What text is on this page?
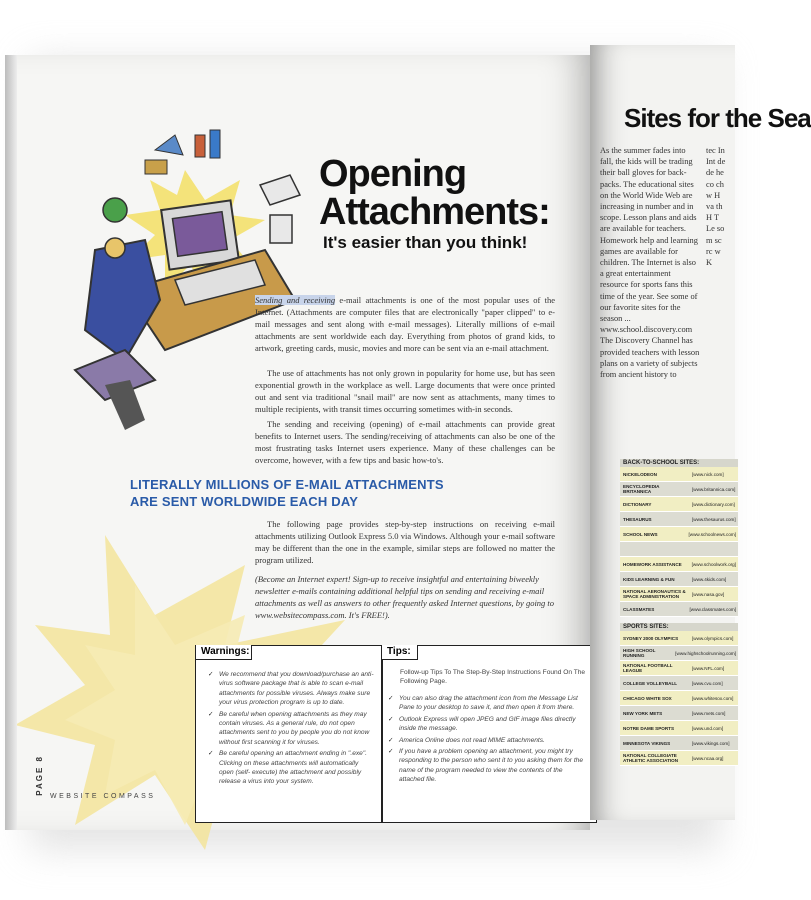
Opening
Attachments:
It's easier than you think!

Sending and receiving e-mail attachments is one of the most popular uses of the Internet. (Attachments are computer files that are electronically "paper clipped" to e-mail messages and sent along with e-mail messages). Literally millions of e-mail attachments are sent worldwide each day. Everything from photos of grand kids, to artwork, greeting cards, music, movies and more can be sent via an e-mail attachment.

The use of attachments has not only grown in popularity for home use, but has seen exponential growth in the workplace as well. Large documents that were once printed out and sent via traditional "snail mail" are now sent as attachments, many times to multiple recipients, with transit times occurring sometimes with-in seconds.

The sending and receiving (opening) of e-mail attachments can provide great benefits to Internet users. The sending/receiving of attachments can also be one of the most frustrating tasks Internet users experience. Many of these challenges can be overcome, however, with a few tips and basic how-to's.

LITERALLY MILLIONS OF E-MAIL ATTACHMENTS
ARE SENT WORLDWIDE EACH DAY

The following page provides step-by-step instructions on receiving e-mail attachments utilizing Outlook Express 5.0 via Windows. Although your e-mail software may be different than the one in the example, similar steps are followed no matter the program utilized.

(Become an Internet expert! Sign-up to receive insightful and entertaining biweekly newsletter e-mails containing additional helpful tips on sending and receiving e-mail attachments as well as answers to other frequently asked Internet questions, by going to www.websitecompass.com. It's FREE!).

Warnings:	Tips:
✓ We recommend that you download/purchase an anti-virus software package that is able to scan e-mail attachments for possible viruses. Always make sure your virus protection program is up to date.
✓ Be careful when opening attachments as they may contain viruses. As a general rule, do not open attachments sent to you by people you do not know without first scanning it for viruses.
✓ Be careful opening an attachment ending in ".exe". Clicking on these attachments will automatically open (self- execute) the attachment and possibly release a virus into your system.

Follow-up Tips To The Step-By-Step Instructions Found On The Following Page.

✓ You can also drag the attachment icon from the Message List Pane to your desktop to save it, and then open it from there.
✓ Outlook Express will open JPEG and GIF image files directly inside the message.
✓ America Online does not read MIME attachments.
✓ If you have a problem opening an attachment, you might try responding to the person who sent it to you asking them for the name of the program needed to view the contents of the attached file.
PAGE 8
WEBSITE COMPASS
Sites for the Sea

As the summer fades into fall, the kids will be trading their ball gloves for back-packs. The educational sites on the World Wide Web are increasing in number and in scope. Lesson plans and aids are available for teachers. Homework help and learning games are available for children. The Internet is also a great entertainment resource for sports fans this time of the year. See some of our favorite sites for the season ... www.school.discovery.com The Discovery Channel has provided teachers with lesson plans on a variety of subjects from ancient history to

tec In Int de de he co ch w H va th H T Le so m sc rc w K

BACK-TO-SCHOOL SITES:
NICKELODEON	[www.nick.com]
ENCYCLOPEDIA BRITANNICA	[www.britannica.com]
DICTIONARY	[www.dictionary.com]
THESAURUS	[www.thesaurus.com]
SCHOOL NEWS	[www.schoolnews.com]
HOMEWORK ASSISTANCE	[www.schoolwork.org]
KIDS LEARNING & FUN	[www.4kids.com]
NATIONAL AERONAUTICS & SPACE ADMINISTRATION	[www.nasa.gov]
CLASSMATES	[www.classmates.com]
SPORTS SITES:
SYDNEY 2000 OLYMPICS	[www.olympics.com]
HIGH SCHOOL RUNNING	[www.highschoolrunning.com]
NATIONAL FOOTBALL LEAGUE	[www.NFL.com]
COLLEGE VOLLEYBALL	[www.cvu.com]
CHICAGO WHITE SOX	[www.whitesox.com]
NEW YORK METS	[www.mets.com]
NOTRE DAME SPORTS	[www.und.com]
MINNESOTA VIKINGS	[www.vikings.com]
NATIONAL COLLEGIATE ATHLETIC ASSOCIATION	[www.ncaa.org]
